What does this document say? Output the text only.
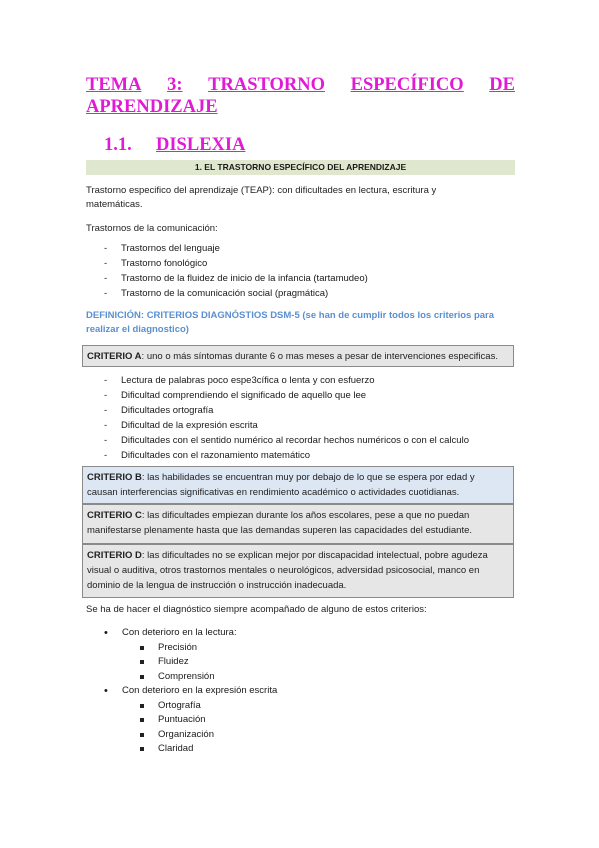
TEMA 3: TRASTORNO ESPECÍFICO DE
APRENDIZAJE
1.1. DISLEXIA
1. EL TRASTORNO ESPECÍFICO DEL APRENDIZAJE
Trastorno especifico del aprendizaje (TEAP): con dificultades en lectura, escritura y
matemáticas.
Trastornos de la comunicación:
- Trastornos del lenguaje
- Trastorno fonológico
- Trastorno de la fluidez de inicio de la infancia (tartamudeo)
- Trastorno de la comunicación social (pragmática)
DEFINICIÓN: CRITERIOS DIAGNÓSTIOS DSM-5 (se han de cumplir todos los criterios para
realizar el diagnostico)
CRITERIO A: uno o más síntomas durante 6 o mas meses a pesar de intervenciones especificas.
- Lectura de palabras poco espe3cífica o lenta y con esfuerzo
- Dificultad comprendiendo el significado de aquello que lee
- Dificultades ortografía
- Dificultad de la expresión escrita
- Dificultades con el sentido numérico al recordar hechos numéricos o con el calculo
- Dificultades con el razonamiento matemático
CRITERIO B: las habilidades se encuentran muy por debajo de lo que se espera por edad y
causan interferencias significativas en rendimiento académico o actividades cuotidianas.
CRITERIO C: las dificultades empiezan durante los años escolares, pese a que no puedan
manifestarse plenamente hasta que las demandas superen las capacidades del estudiante.
CRITERIO D: las dificultades no se explican mejor por discapacidad intelectual, pobre agudeza
visual o auditiva, otros trastornos mentales o neurológicos, adversidad psicosocial, manco en
dominio de la lengua de instrucción o instrucción inadecuada.
Se ha de hacer el diagnóstico siempre acompañado de alguno de estos criterios:
• Con deterioro en la lectura:
Precisión
Fluidez
Comprensión
• Con deterioro en la expresión escrita
Ortografía
Puntuación
Organización
Claridad
